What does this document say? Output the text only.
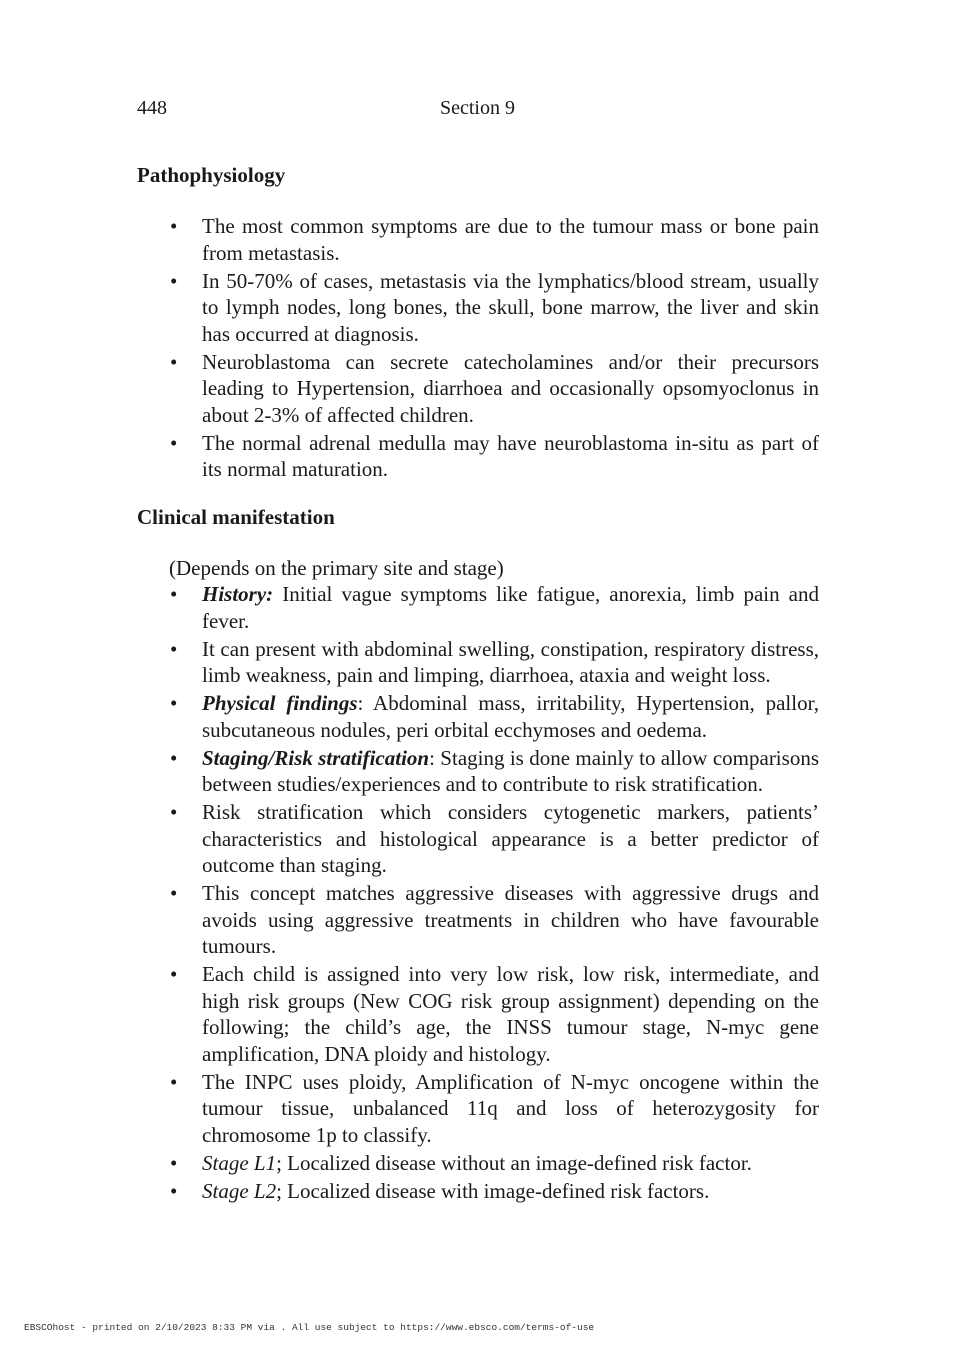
448	Section 9
Pathophysiology
• The most common symptoms are due to the tumour mass or bone pain from metastasis.
• In 50-70% of cases, metastasis via the lymphatics/blood stream, usually to lymph nodes, long bones, the skull, bone marrow, the liver and skin has occurred at diagnosis.
• Neuroblastoma can secrete catecholamines and/or their precursors leading to Hypertension, diarrhoea and occasionally opsomyoclonus in about 2-3% of affected children.
• The normal adrenal medulla may have neuroblastoma in-situ as part of its normal maturation.
Clinical manifestation

(Depends on the primary site and stage)

• History: Initial vague symptoms like fatigue, anorexia, limb pain and fever.
• It can present with abdominal swelling, constipation, respiratory distress, limb weakness, pain and limping, diarrhoea, ataxia and weight loss.
• Physical findings: Abdominal mass, irritability, Hypertension, pallor, subcutaneous nodules, peri orbital ecchymoses and oedema.
• Staging/Risk stratification: Staging is done mainly to allow comparisons between studies/experiences and to contribute to risk stratification.
• Risk stratification which considers cytogenetic markers, patients’ characteristics and histological appearance is a better predictor of outcome than staging.
• This concept matches aggressive diseases with aggressive drugs and avoids using aggressive treatments in children who have favourable tumours.
• Each child is assigned into very low risk, low risk, intermediate, and high risk groups (New COG risk group assignment) depending on the following; the child’s age, the INSS tumour stage, N-myc gene amplification, DNA ploidy and histology.
• The INPC uses ploidy, Amplification of N-myc oncogene within the tumour tissue, unbalanced 11q and loss of heterozygosity for chromosome 1p to classify.
• Stage L1; Localized disease without an image-defined risk factor.
• Stage L2; Localized disease with image-defined risk factors.
EBSCOhost - printed on 2/10/2023 8:33 PM via . All use subject to https://www.ebsco.com/terms-of-use
